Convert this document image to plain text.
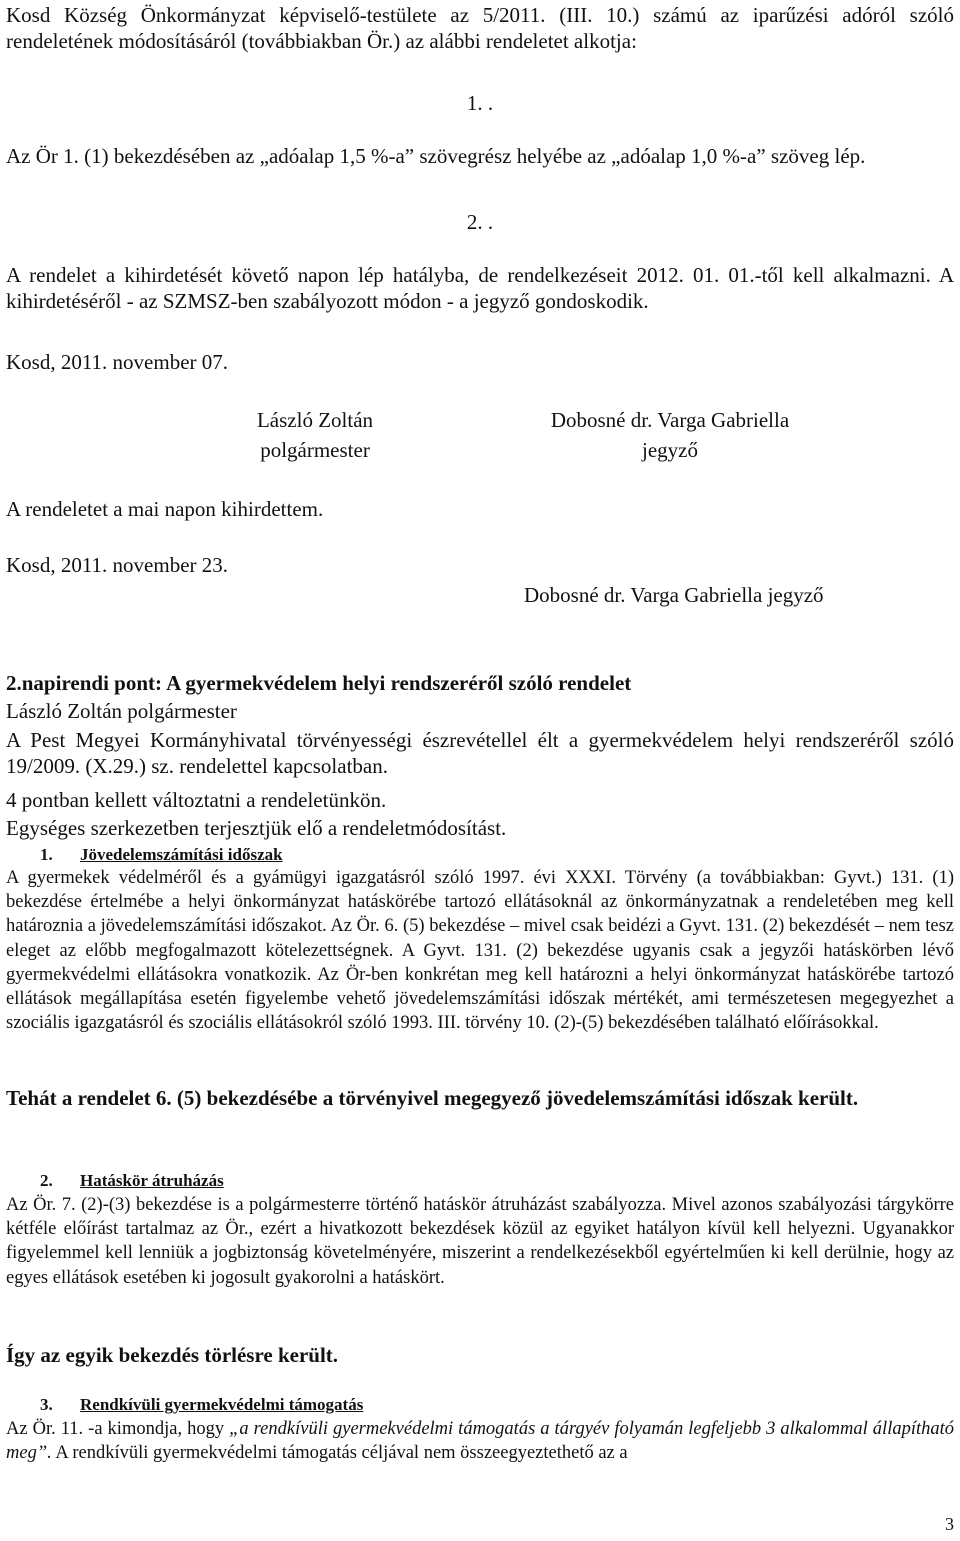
Kosd Község Önkormányzat képviselő-testülete az 5/2011. (III. 10.) számú az iparűzési adóról szóló rendeletének módosításáról (továbbiakban Ör.) az alábbi rendeletet alkotja:

1. .

Az Ör 1. (1) bekezdésében az „adóalap 1,5 %-a” szövegrész helyébe az „adóalap 1,0 %-a” szöveg lép.

2. .

A rendelet a kihirdetését követő napon lép hatályba, de rendelkezéseit 2012. 01. 01.-től kell alkalmazni. A kihirdetéséről - az SZMSZ-ben szabályozott módon - a jegyző gondoskodik.

Kosd, 2011. november 07.
László Zoltán
polgármester
Dobosné dr. Varga Gabriella
jegyző
A rendeletet a mai napon kihirdettem.
Kosd, 2011. november 23.
Dobosné dr. Varga Gabriella jegyző
2.napirendi pont: A gyermekvédelem helyi rendszeréről szóló rendelet
László Zoltán polgármester

A Pest Megyei Kormányhivatal törvényességi észrevétellel élt a gyermekvédelem helyi rendszeréről szóló 19/2009. (X.29.) sz. rendelettel kapcsolatban.

4 pontban kellett változtatni a rendeletünkön.
Egységes szerkezetben terjesztjük elő a rendeletmódosítást.
1. Jövedelemszámítási időszak

A gyermekek védelméről és a gyámügyi igazgatásról szóló 1997. évi XXXI. Törvény (a továbbiakban: Gyvt.) 131. (1) bekezdése értelmébe a helyi önkormányzat hatáskörébe tartozó ellátásoknál az önkormányzatnak a rendeletében meg kell határoznia a jövedelemszámítási időszakot. Az Ör. 6. (5) bekezdése – mivel csak beidézi a Gyvt. 131. (2) bekezdését – nem tesz eleget az előbb megfogalmazott kötelezettségnek. A Gyvt. 131. (2) bekezdése ugyanis csak a jegyzői hatáskörben lévő gyermekvédelmi ellátásokra vonatkozik. Az Ör-ben konkrétan meg kell határozni a helyi önkormányzat hatáskörébe tartozó ellátások megállapítása esetén figyelembe vehető jövedelemszámítási időszak mértékét, ami természetesen megegyezhet a szociális igazgatásról és szociális ellátásokról szóló 1993. III. törvény 10. (2)-(5) bekezdésében található előírásokkal.

Tehát a rendelet 6. (5) bekezdésébe a törvényivel megegyező jövedelemszámítási időszak került.

2. Hatáskör átruházás

Az Ör. 7. (2)-(3) bekezdése is a polgármesterre történő hatáskör átruházást szabályozza. Mivel azonos szabályozási tárgykörre kétféle előírást tartalmaz az Ör., ezért a hivatkozott bekezdések közül az egyiket hatályon kívül kell helyezni. Ugyanakkor figyelemmel kell lenniük a jogbiztonság követelményére, miszerint a rendelkezésekből egyértelműen ki kell derülnie, hogy az egyes ellátások esetében ki jogosult gyakorolni a hatáskört.

Így az egyik bekezdés törlésre került.
3. Rendkívüli gyermekvédelmi támogatás

Az Ör. 11. -a kimondja, hogy „a rendkívüli gyermekvédelmi támogatás a tárgyév folyamán legfeljebb 3 alkalommal állapítható meg”. A rendkívüli gyermekvédelmi támogatás céljával nem összeegyeztethető az a

3
